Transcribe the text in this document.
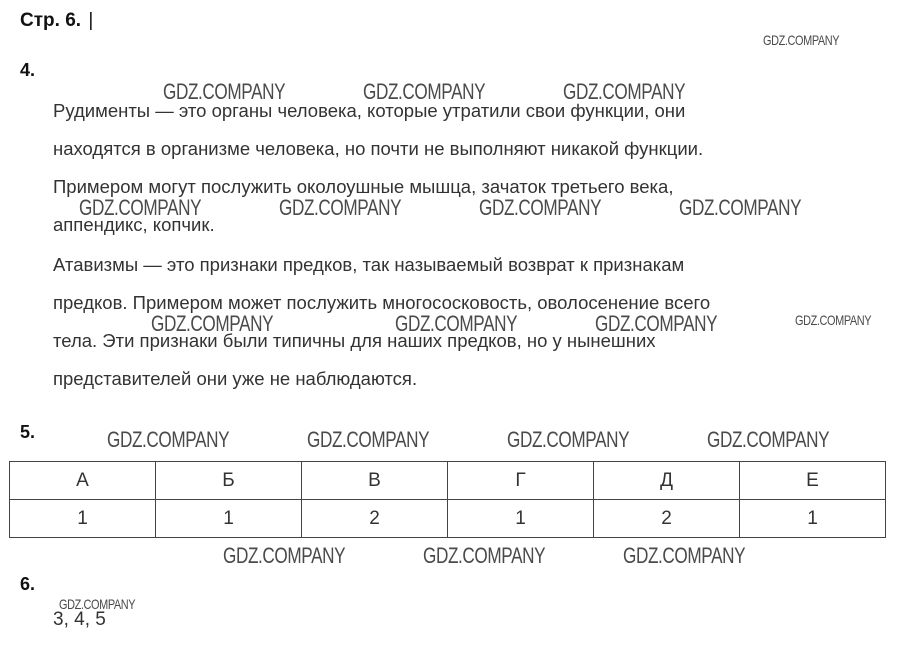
Стр. 6. |
4.

Рудименты — это органы человека, которые утратили свои функции, они
находятся в организме человека, но почти не выполняют никакой функции.
Примером могут послужить околоушные мышца, зачаток третьего века,
аппендикс, копчик.

Атавизмы — это признаки предков, так называемый возврат к признакам
предков. Примером может послужить многососковость, оволосенение всего
тела. Эти признаки были типичны для наших предков, но у нынешних
представителей они уже не наблюдаются.

5.
А	Б	В	Г	Д	Е
1	1	2	1	2	1
6.
3, 4, 5
GDZ.COMPANY
GDZ.COMPANY	GDZ.COMPANY	GDZ.COMPANY
GDZ.COMPANY	GDZ.COMPANY	GDZ.COMPANY	GDZ.COMPANY
GDZ.COMPANY	GDZ.COMPANY	GDZ.COMPANY	GDZ.COMPANY
GDZ.COMPANY	GDZ.COMPANY	GDZ.COMPANY	GDZ.COMPANY
GDZ.COMPANY	GDZ.COMPANY	GDZ.COMPANY
GDZ.COMPANY
